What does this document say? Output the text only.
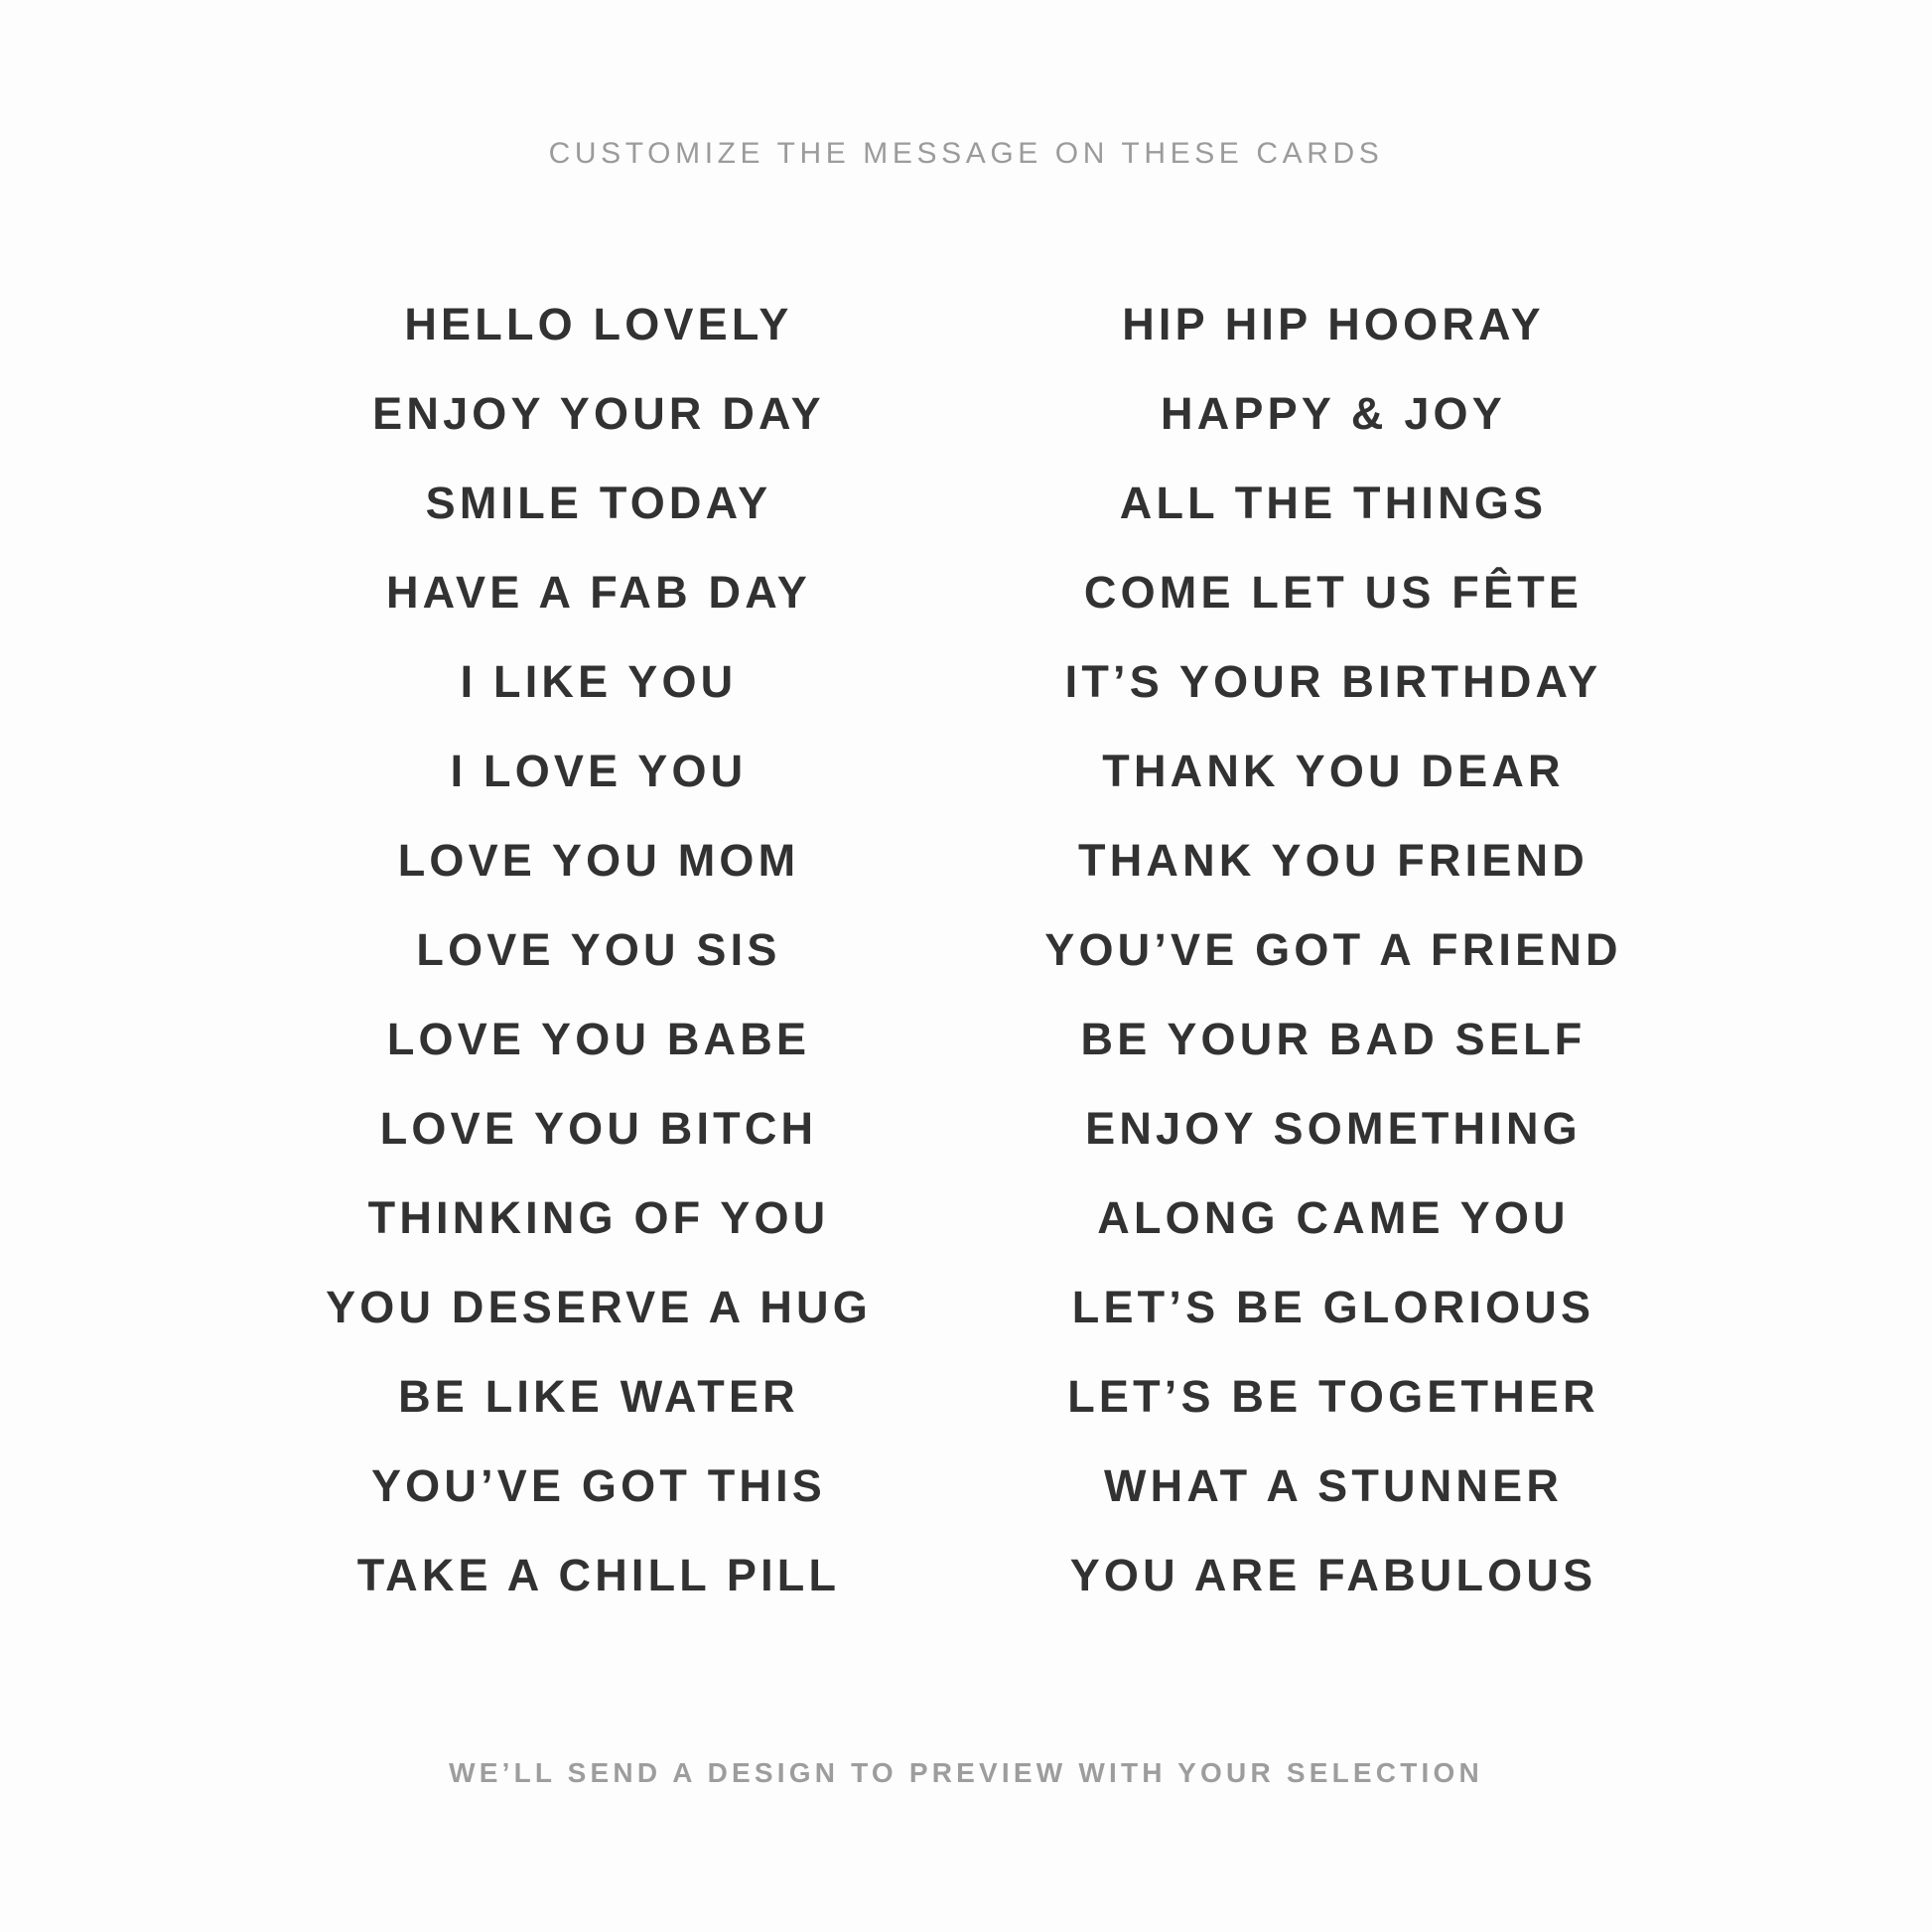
CUSTOMIZE THE MESSAGE ON THESE CARDS
HELLO LOVELY
ENJOY YOUR DAY
SMILE TODAY
HAVE A FAB DAY
I LIKE YOU
I LOVE YOU
LOVE YOU MOM
LOVE YOU SIS
LOVE YOU BABE
LOVE YOU BITCH
THINKING OF YOU
YOU DESERVE A HUG
BE LIKE WATER
YOU’VE GOT THIS
TAKE A CHILL PILL
HIP HIP HOORAY
HAPPY & JOY
ALL THE THINGS
COME LET US FÊTE
IT’S YOUR BIRTHDAY
THANK YOU DEAR
THANK YOU FRIEND
YOU’VE GOT A FRIEND
BE YOUR BAD SELF
ENJOY SOMETHING
ALONG CAME YOU
LET’S BE GLORIOUS
LET’S BE TOGETHER
WHAT A STUNNER
YOU ARE FABULOUS
WE’LL SEND A DESIGN TO PREVIEW WITH YOUR SELECTION
